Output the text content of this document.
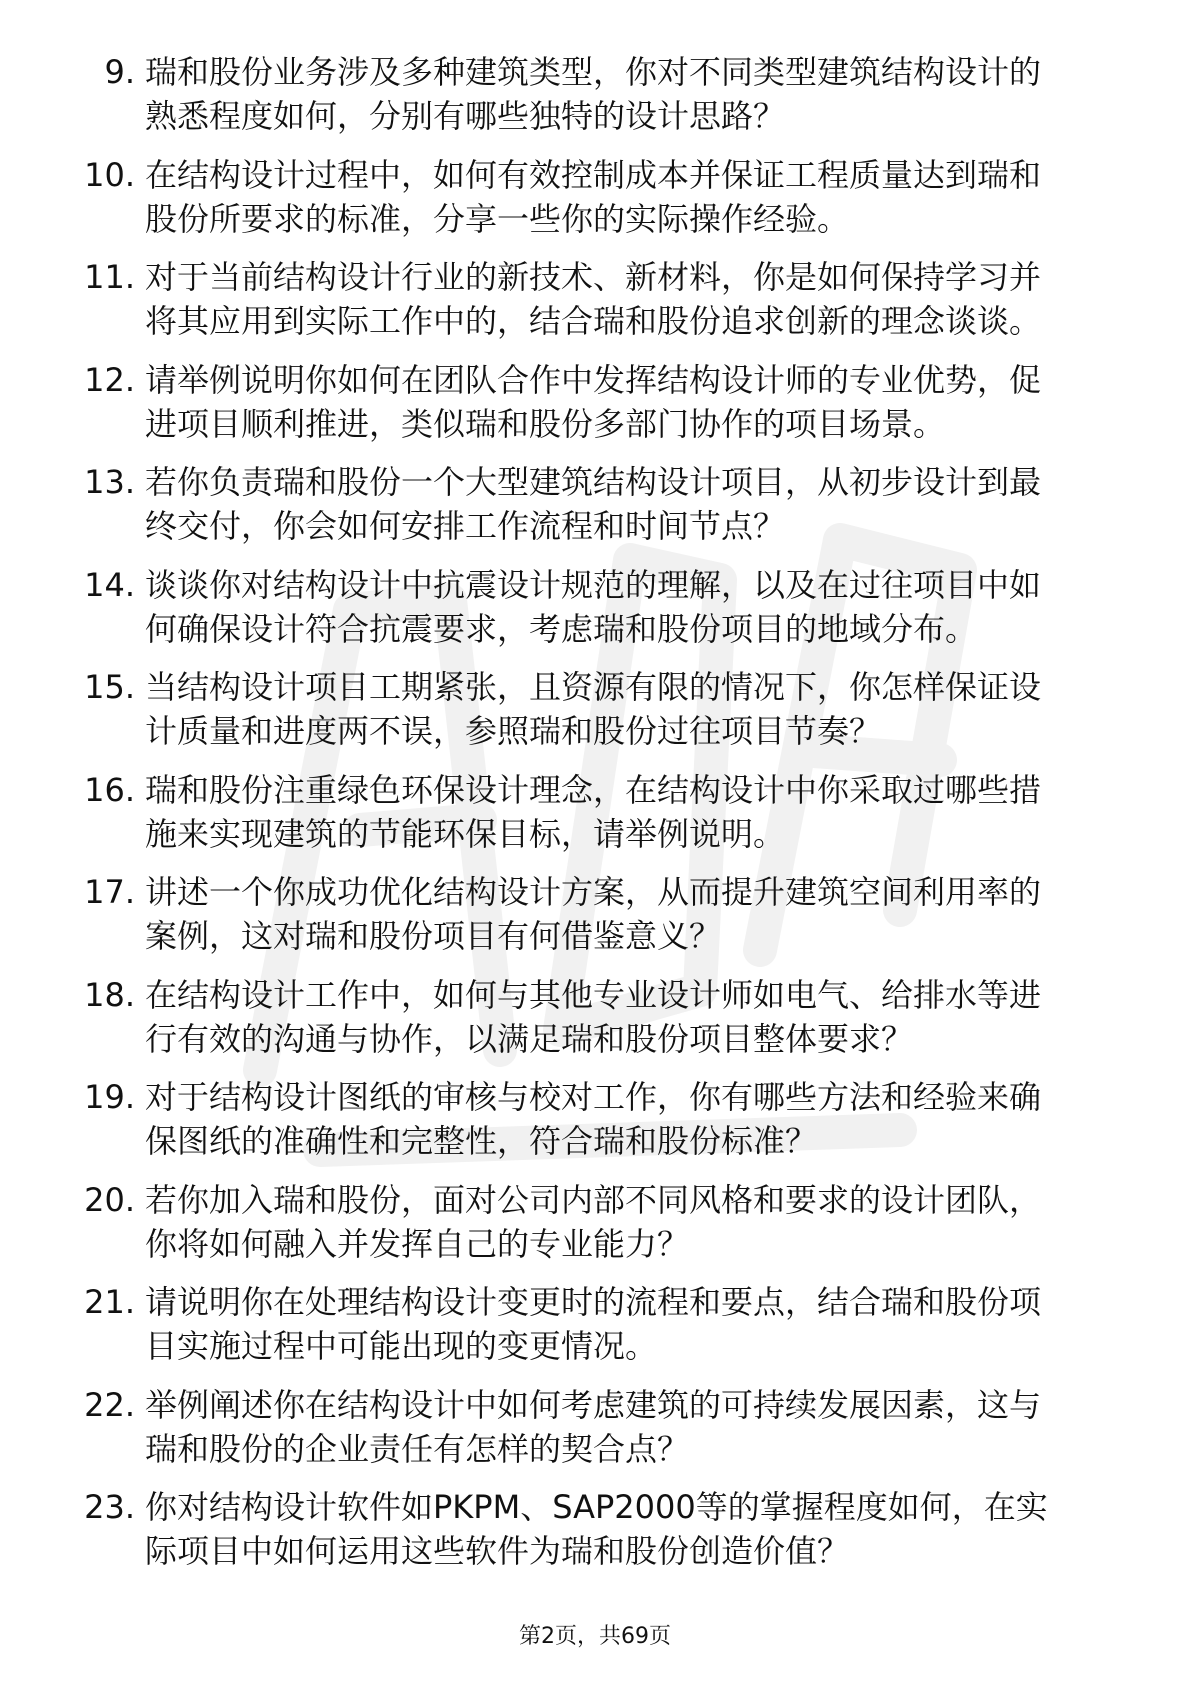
9. 瑞和股份业务涉及多种建筑类型，你对不同类型建筑结构设计的
熟悉程度如何，分别有哪些独特的设计思路？
10. 在结构设计过程中，如何有效控制成本并保证工程质量达到瑞和
股份所要求的标准，分享一些你的实际操作经验。
11. 对于当前结构设计行业的新技术、新材料，你是如何保持学习并
将其应用到实际工作中的，结合瑞和股份追求创新的理念谈谈。
12. 请举例说明你如何在团队合作中发挥结构设计师的专业优势，促
进项目顺利推进，类似瑞和股份多部门协作的项目场景。
13. 若你负责瑞和股份一个大型建筑结构设计项目，从初步设计到最
终交付，你会如何安排工作流程和时间节点？
14. 谈谈你对结构设计中抗震设计规范的理解，以及在过往项目中如
何确保设计符合抗震要求，考虑瑞和股份项目的地域分布。
15. 当结构设计项目工期紧张，且资源有限的情况下，你怎样保证设
计质量和进度两不误，参照瑞和股份过往项目节奏？
16. 瑞和股份注重绿色环保设计理念，在结构设计中你采取过哪些措
施来实现建筑的节能环保目标，请举例说明。
17. 讲述一个你成功优化结构设计方案，从而提升建筑空间利用率的
案例，这对瑞和股份项目有何借鉴意义？
18. 在结构设计工作中，如何与其他专业设计师如电气、给排水等进
行有效的沟通与协作，以满足瑞和股份项目整体要求？
19. 对于结构设计图纸的审核与校对工作，你有哪些方法和经验来确
保图纸的准确性和完整性，符合瑞和股份标准？
20. 若你加入瑞和股份，面对公司内部不同风格和要求的设计团队，
你将如何融入并发挥自己的专业能力？
21. 请说明你在处理结构设计变更时的流程和要点，结合瑞和股份项
目实施过程中可能出现的变更情况。
22. 举例阐述你在结构设计中如何考虑建筑的可持续发展因素，这与
瑞和股份的企业责任有怎样的契合点？
23. 你对结构设计软件如PKPM、SAP2000等的掌握程度如何，在实
际项目中如何运用这些软件为瑞和股份创造价值？
第2页，共69页
